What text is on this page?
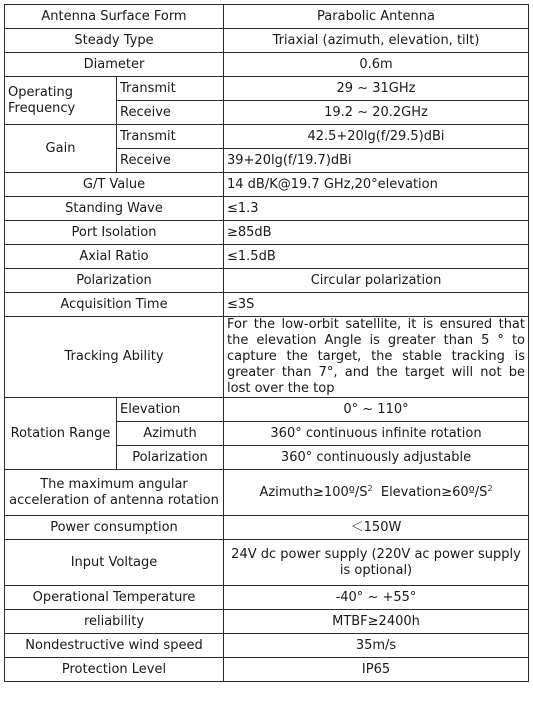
Antenna Surface Form		Parabolic Antenna
Steady Type		Triaxial (azimuth, elevation, tilt)
Diameter		0.6m
Operating Frequency	Transmit	29 ~ 31GHz
	Receive	19.2 ~ 20.2GHz
Gain	Transmit	42.5+20lg(f/29.5)dBi
	Receive	39+20lg(f/19.7)dBi
G/T Value		14 dB/K@19.7 GHz,20°elevation
Standing Wave		≤1.3
Port Isolation		≥85dB
Axial Ratio		≤1.5dB
Polarization		Circular polarization
Acquisition Time		≤3S
Tracking Ability		For the low-orbit satellite, it is ensured that the elevation Angle is greater than 5 ° to capture the target, the stable tracking is greater than 7°, and the target will not be lost over the top
Rotation Range	Elevation	0° ~ 110°
	Azimuth	360° continuous infinite rotation
	Polarization	360° continuously adjustable

The maximum angular
acceleration of antenna rotation		$Azimuth\ge 100º/S^2$ $Elevation\ge 60º/S^2$
Power consumption		＜150W
Input Voltage		24V dc power supply (220V ac power supply is optional)
Operational Temperature		-40° ~ +55°
reliability		MTBF≥2400h
Nondestructive wind speed		35m/s
Protection Level		IP65
